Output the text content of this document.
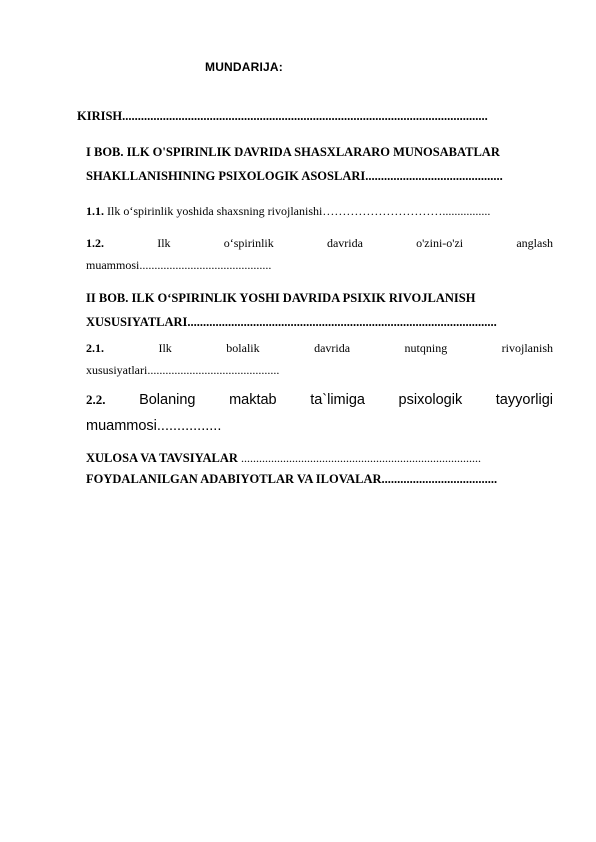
MUNDARIJA:
KIRISH.....................................................................................................................
I BOB. ILK O'SPIRINLIK DAVRIDA SHASXLARARO MUNOSABATLAR
SHAKLLANISHINING PSIXOLOGIK ASOSLARI............................................
1.1. Ilk o‘spirinlik yoshida shaxsning rivojlanishi…………………………................
1.2.	Ilk	o‘spirinlik	davrida	o'zini-o'zi	anglash
muammosi............................................
II BOB. ILK O‘SPIRINLIK YOSHI DAVRIDA PSIXIK RIVOJLANISH
XUSUSIYATLARI...................................................................................................
2.1.	Ilk	bolalik	davrida	nutqning	rivojlanish
xususiyatlari............................................
2.2. Bolaning maktab ta`limiga psixologik tayyorligi
muammosi................
XULOSA VA TAVSIYALAR ................................................................................
FOYDALANILGAN ADABIYOTLAR VA ILOVALAR.....................................
